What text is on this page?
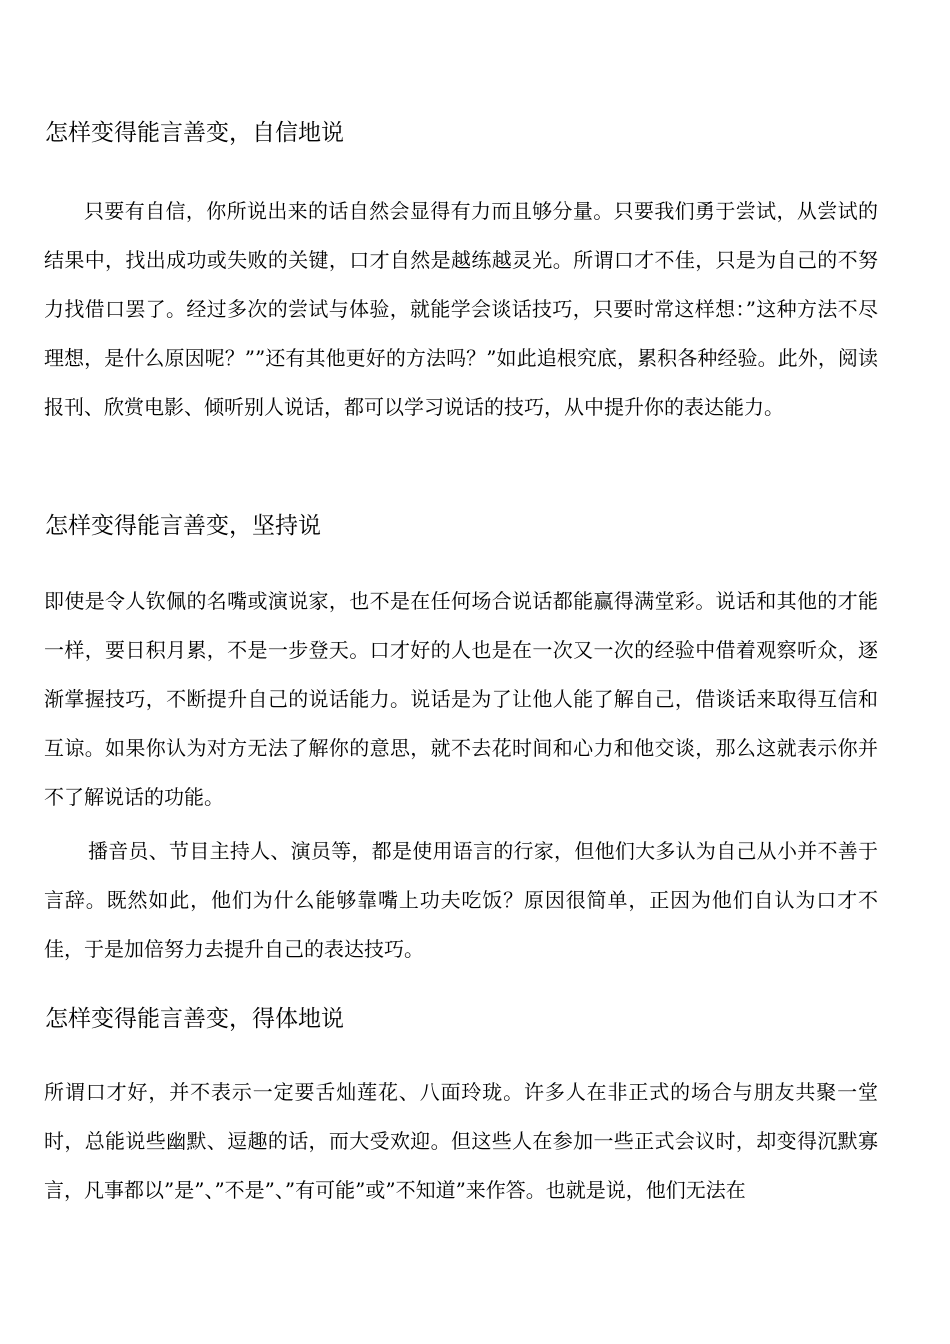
怎样变得能言善变，自信地说

只要有自信，你所说出来的话自然会显得有力而且够分量。只要我们勇于尝试，从尝试的结果中，找出成功或失败的关键，口才自然是越练越灵光。所谓口才不佳，只是为自己的不努力找借口罢了。经过多次的尝试与体验，就能学会谈话技巧，只要时常这样想：”这种方法不尽理想，是什么原因呢？””还有其他更好的方法吗？”如此追根究底，累积各种经验。此外，阅读报刊、欣赏电影、倾听别人说话，都可以学习说话的技巧，从中提升你的表达能力。

怎样变得能言善变，坚持说

即使是令人钦佩的名嘴或演说家，也不是在任何场合说话都能赢得满堂彩。说话和其他的才能一样，要日积月累，不是一步登天。口才好的人也是在一次又一次的经验中借着观察听众，逐渐掌握技巧，不断提升自己的说话能力。说话是为了让他人能了解自己，借谈话来取得互信和互谅。如果你认为对方无法了解你的意思，就不去花时间和心力和他交谈，那么这就表示你并不了解说话的功能。

播音员、节目主持人、演员等，都是使用语言的行家，但他们大多认为自己从小并不善于言辞。既然如此，他们为什么能够靠嘴上功夫吃饭？原因很简单，正因为他们自认为口才不佳，于是加倍努力去提升自己的表达技巧。

怎样变得能言善变，得体地说

所谓口才好，并不表示一定要舌灿莲花、八面玲珑。许多人在非正式的场合与朋友共聚一堂时，总能说些幽默、逗趣的话，而大受欢迎。但这些人在参加一些正式会议时，却变得沉默寡言，凡事都以”是”、”不是”、”有可能”或”不知道”来作答。也就是说，他们无法在
